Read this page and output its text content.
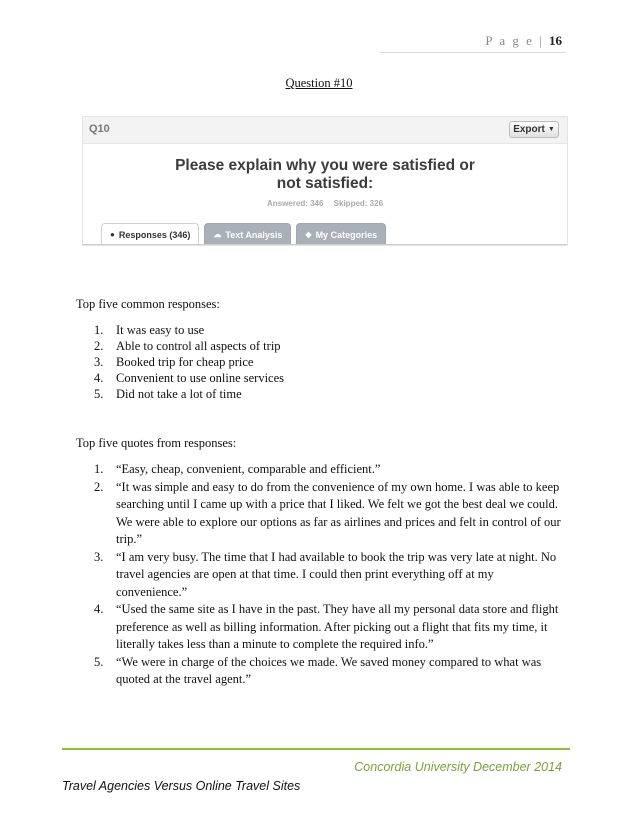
P a g e | 16
Question #10
Q10	Export ▼
Please explain why you were satisfied or
not satisfied:
Answered: 346 Skipped: 326
● Responses (346)	☁ Text Analysis	◆ My Categories
Top five common responses:
1. It was easy to use
2. Able to control all aspects of trip
3. Booked trip for cheap price
4. Convenient to use online services
5. Did not take a lot of time
Top five quotes from responses:
1. “Easy, cheap, convenient, comparable and efficient.”
2. “It was simple and easy to do from the convenience of my own home. I was able to keep searching until I came up with a price that I liked. We felt we got the best deal we could. We were able to explore our options as far as airlines and prices and felt in control of our trip.”
3. “I am very busy. The time that I had available to book the trip was very late at night. No travel agencies are open at that time. I could then print everything off at my convenience.”
4. “Used the same site as I have in the past. They have all my personal data store and flight preference as well as billing information. After picking out a flight that fits my time, it literally takes less than a minute to complete the required info.”
5. “We were in charge of the choices we made. We saved money compared to what was quoted at the travel agent.”
Concordia University December 2014
Travel Agencies Versus Online Travel Sites
